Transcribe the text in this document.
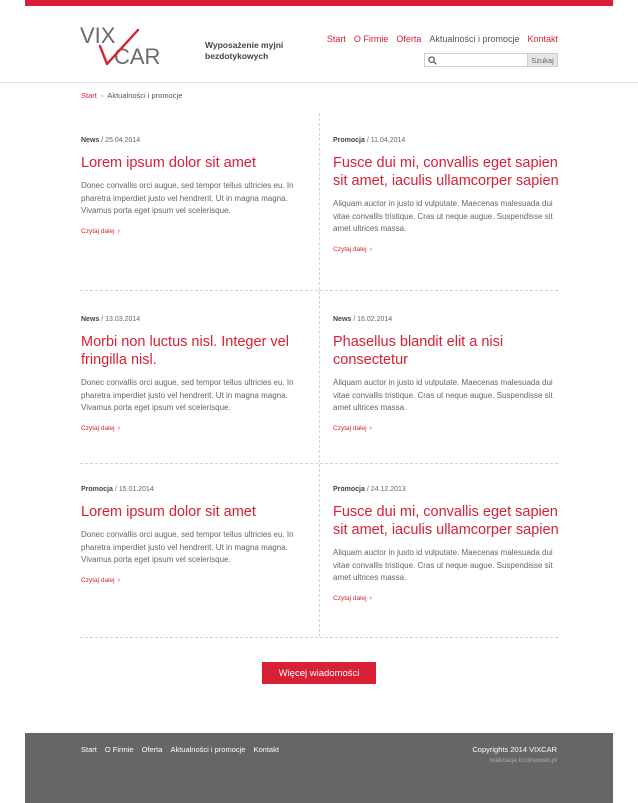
VIX
CAR	Wyposażenie myjni
bezdotykowych
Start O Firmie Oferta Aktualności i promocje Kontakt
Szukaj
Start › Aktualności i promocje
News / 25.04.2014
Lorem ipsum dolor sit amet

Donec convallis orci augue, sed tempor tellus ultricies eu. In pharetra imperdiet justo vel hendrerit. Ut in magna magna. Vivamus porta eget ipsum vel scelerisque.

Czytaj dalej ›
Promocja / 11.04.2014
Fusce dui mi, convallis eget sapien sit amet, iaculis ullamcorper sapien

Aliquam auctor in justo id vulputate. Maecenas malesuada dui vitae convallis tristique. Cras ut neque augue. Suspendisse sit amet ultrices massa.

Czytaj dalej ›
News / 13.03.2014
Morbi non luctus nisl. Integer vel fringilla nisl.

Donec convallis orci augue, sed tempor tellus ultricies eu. In pharetra imperdiet justo vel hendrerit. Ut in magna magna. Vivamus porta eget ipsum vel scelerisque.

Czytaj dalej ›
News / 16.02.2014
Phasellus blandit elit a nisi consectetur

Aliquam auctor in justo id vulputate. Maecenas malesuada dui vitae convallis tristique. Cras ut neque augue. Suspendisse sit amet ultrices massa.

Czytaj dalej ›
Promocja / 15.01.2014
Lorem ipsum dolor sit amet

Donec convallis orci augue, sed tempor tellus ultricies eu. In pharetra imperdiet justo vel hendrerit. Ut in magna magna. Vivamus porta eget ipsum vel scelerisque.

Czytaj dalej ›
Promocja / 24.12.2013
Fusce dui mi, convallis eget sapien sit amet, iaculis ullamcorper sapien

Aliquam auctor in justo id vulputate. Maecenas malesuada dui vitae convallis tristique. Cras ut neque augue. Suspendisse sit amet ultrices massa.

Czytaj dalej ›
Więcej wiadomości
Start O Firmie Oferta Aktualności i promocje Kontakt	Copyrights 2014 VIXCAR
realizacja kzolnowski.pl
